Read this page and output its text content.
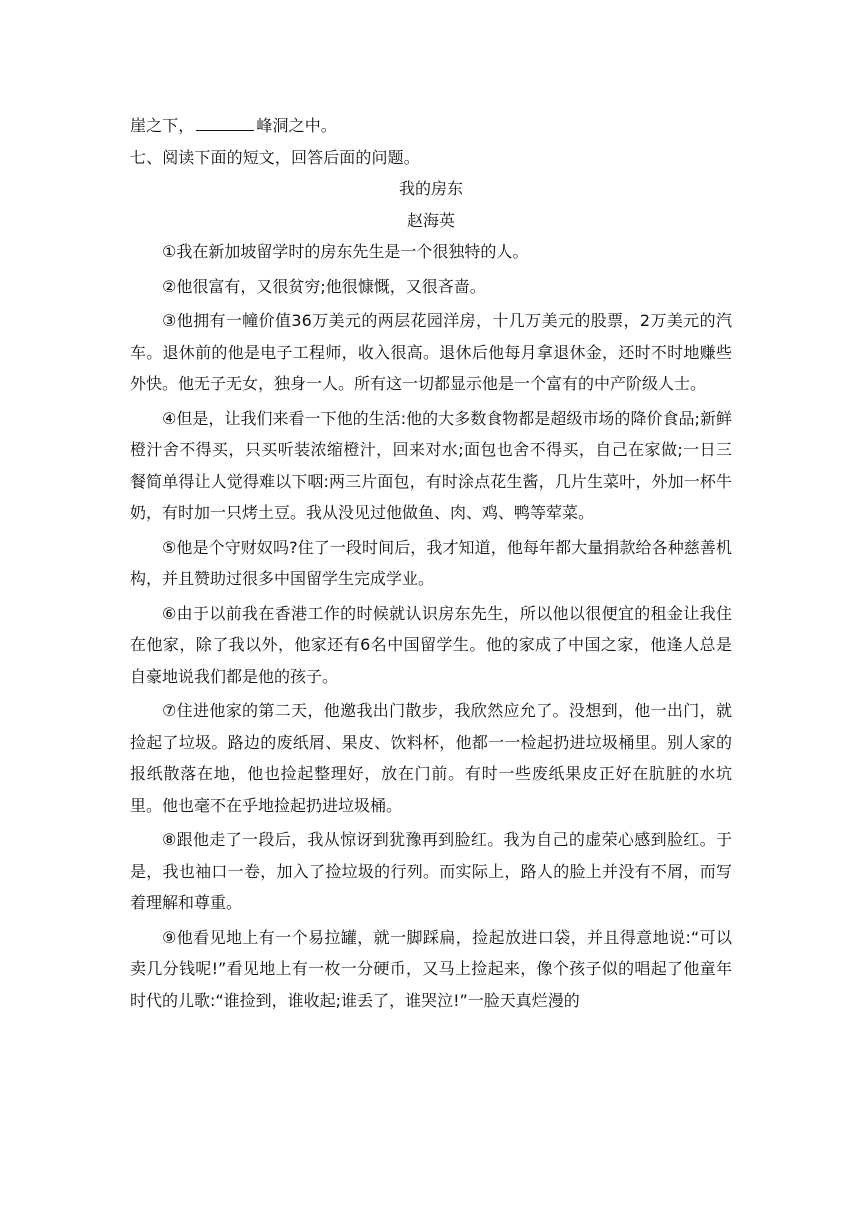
崖之下，	峰洞之中。
七、阅读下面的短文，回答后面的问题。
我的房东
赵海英

①我在新加坡留学时的房东先生是一个很独特的人。

②他很富有，又很贫穷;他很慷慨，又很吝啬。

③他拥有一幢价值36万美元的两层花园洋房，十几万美元的股票，2万美元的汽车。退休前的他是电子工程师，收入很高。退休后他每月拿退休金，还时不时地赚些外快。他无子无女，独身一人。所有这一切都显示他是一个富有的中产阶级人士。

④但是，让我们来看一下他的生活:他的大多数食物都是超级市场的降价食品;新鲜橙汁舍不得买，只买听装浓缩橙汁，回来对水;面包也舍不得买，自己在家做;一日三餐简单得让人觉得难以下咽:两三片面包，有时涂点花生酱，几片生菜叶，外加一杯牛奶，有时加一只烤土豆。我从没见过他做鱼、肉、鸡、鸭等荤菜。

⑤他是个守财奴吗?住了一段时间后，我才知道，他每年都大量捐款给各种慈善机构，并且赞助过很多中国留学生完成学业。

⑥由于以前我在香港工作的时候就认识房东先生，所以他以很便宜的租金让我住在他家，除了我以外，他家还有6名中国留学生。他的家成了中国之家，他逢人总是自豪地说我们都是他的孩子。

⑦住进他家的第二天，他邀我出门散步，我欣然应允了。没想到，他一出门，就捡起了垃圾。路边的废纸屑、果皮、饮料杯，他都一一检起扔进垃圾桶里。别人家的报纸散落在地，他也捡起整理好，放在门前。有时一些废纸果皮正好在肮脏的水坑里。他也毫不在乎地捡起扔进垃圾桶。

⑧跟他走了一段后，我从惊讶到犹豫再到脸红。我为自己的虚荣心感到脸红。于是，我也袖口一卷，加入了捡垃圾的行列。而实际上，路人的脸上并没有不屑，而写着理解和尊重。

⑨他看见地上有一个易拉罐，就一脚踩扁，捡起放进口袋，并且得意地说:“可以卖几分钱呢!”看见地上有一枚一分硬币，又马上捡起来，像个孩子似的唱起了他童年时代的儿歌:“谁捡到，谁收起;谁丢了，谁哭泣!”一脸天真烂漫的
